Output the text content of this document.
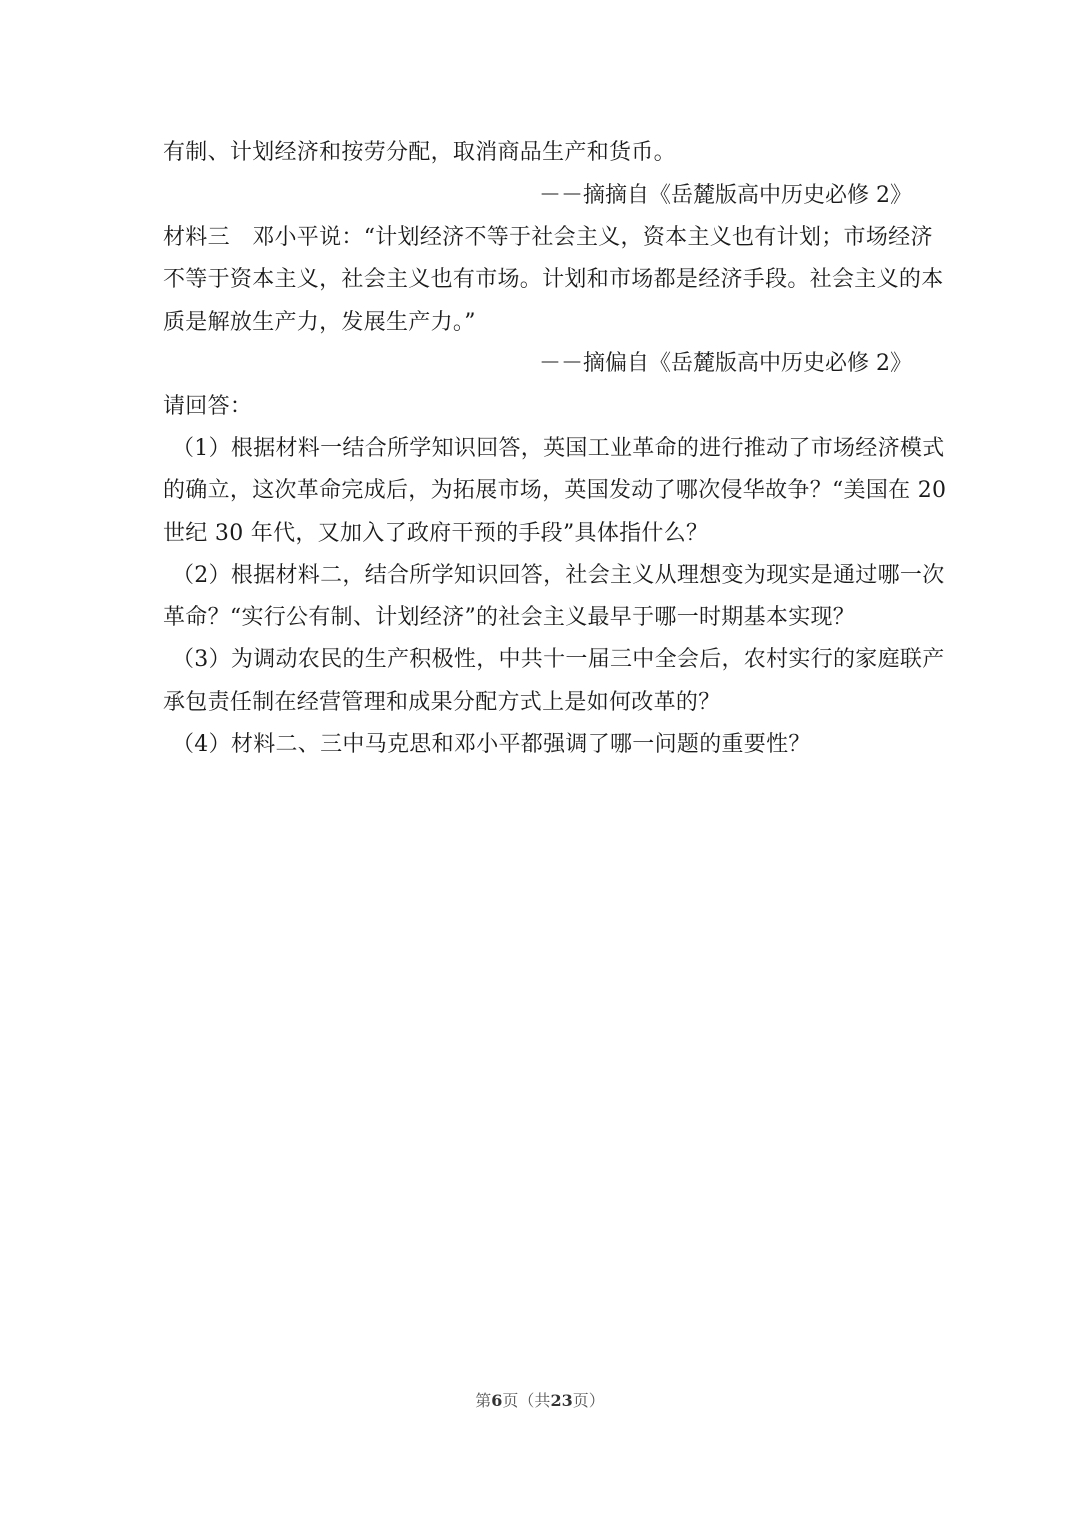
有制、计划经济和按劳分配，取消商品生产和货币。
－－摘摘自《岳麓版高中历史必修 2》
材料三　邓小平说：“计划经济不等于社会主义，资本主义也有计划；市场经济
不等于资本主义，社会主义也有市场。计划和市场都是经济手段。社会主义的本
质是解放生产力，发展生产力。”
－－摘偏自《岳麓版高中历史必修 2》
请回答：
（1）根据材料一结合所学知识回答，英国工业革命的进行推动了市场经济模式
的确立，这次革命完成后，为拓展市场，英国发动了哪次侵华故争？“美国在 20
世纪 30 年代，又加入了政府干预的手段”具体指什么？
（2）根据材料二，结合所学知识回答，社会主义从理想变为现实是通过哪一次
革命？“实行公有制、计划经济”的社会主义最早于哪一时期基本实现？
（3）为调动农民的生产积极性，中共十一届三中全会后，农村实行的家庭联产
承包责任制在经营管理和成果分配方式上是如何改革的？
（4）材料二、三中马克思和邓小平都强调了哪一问题的重要性？
第6页（共23页）
